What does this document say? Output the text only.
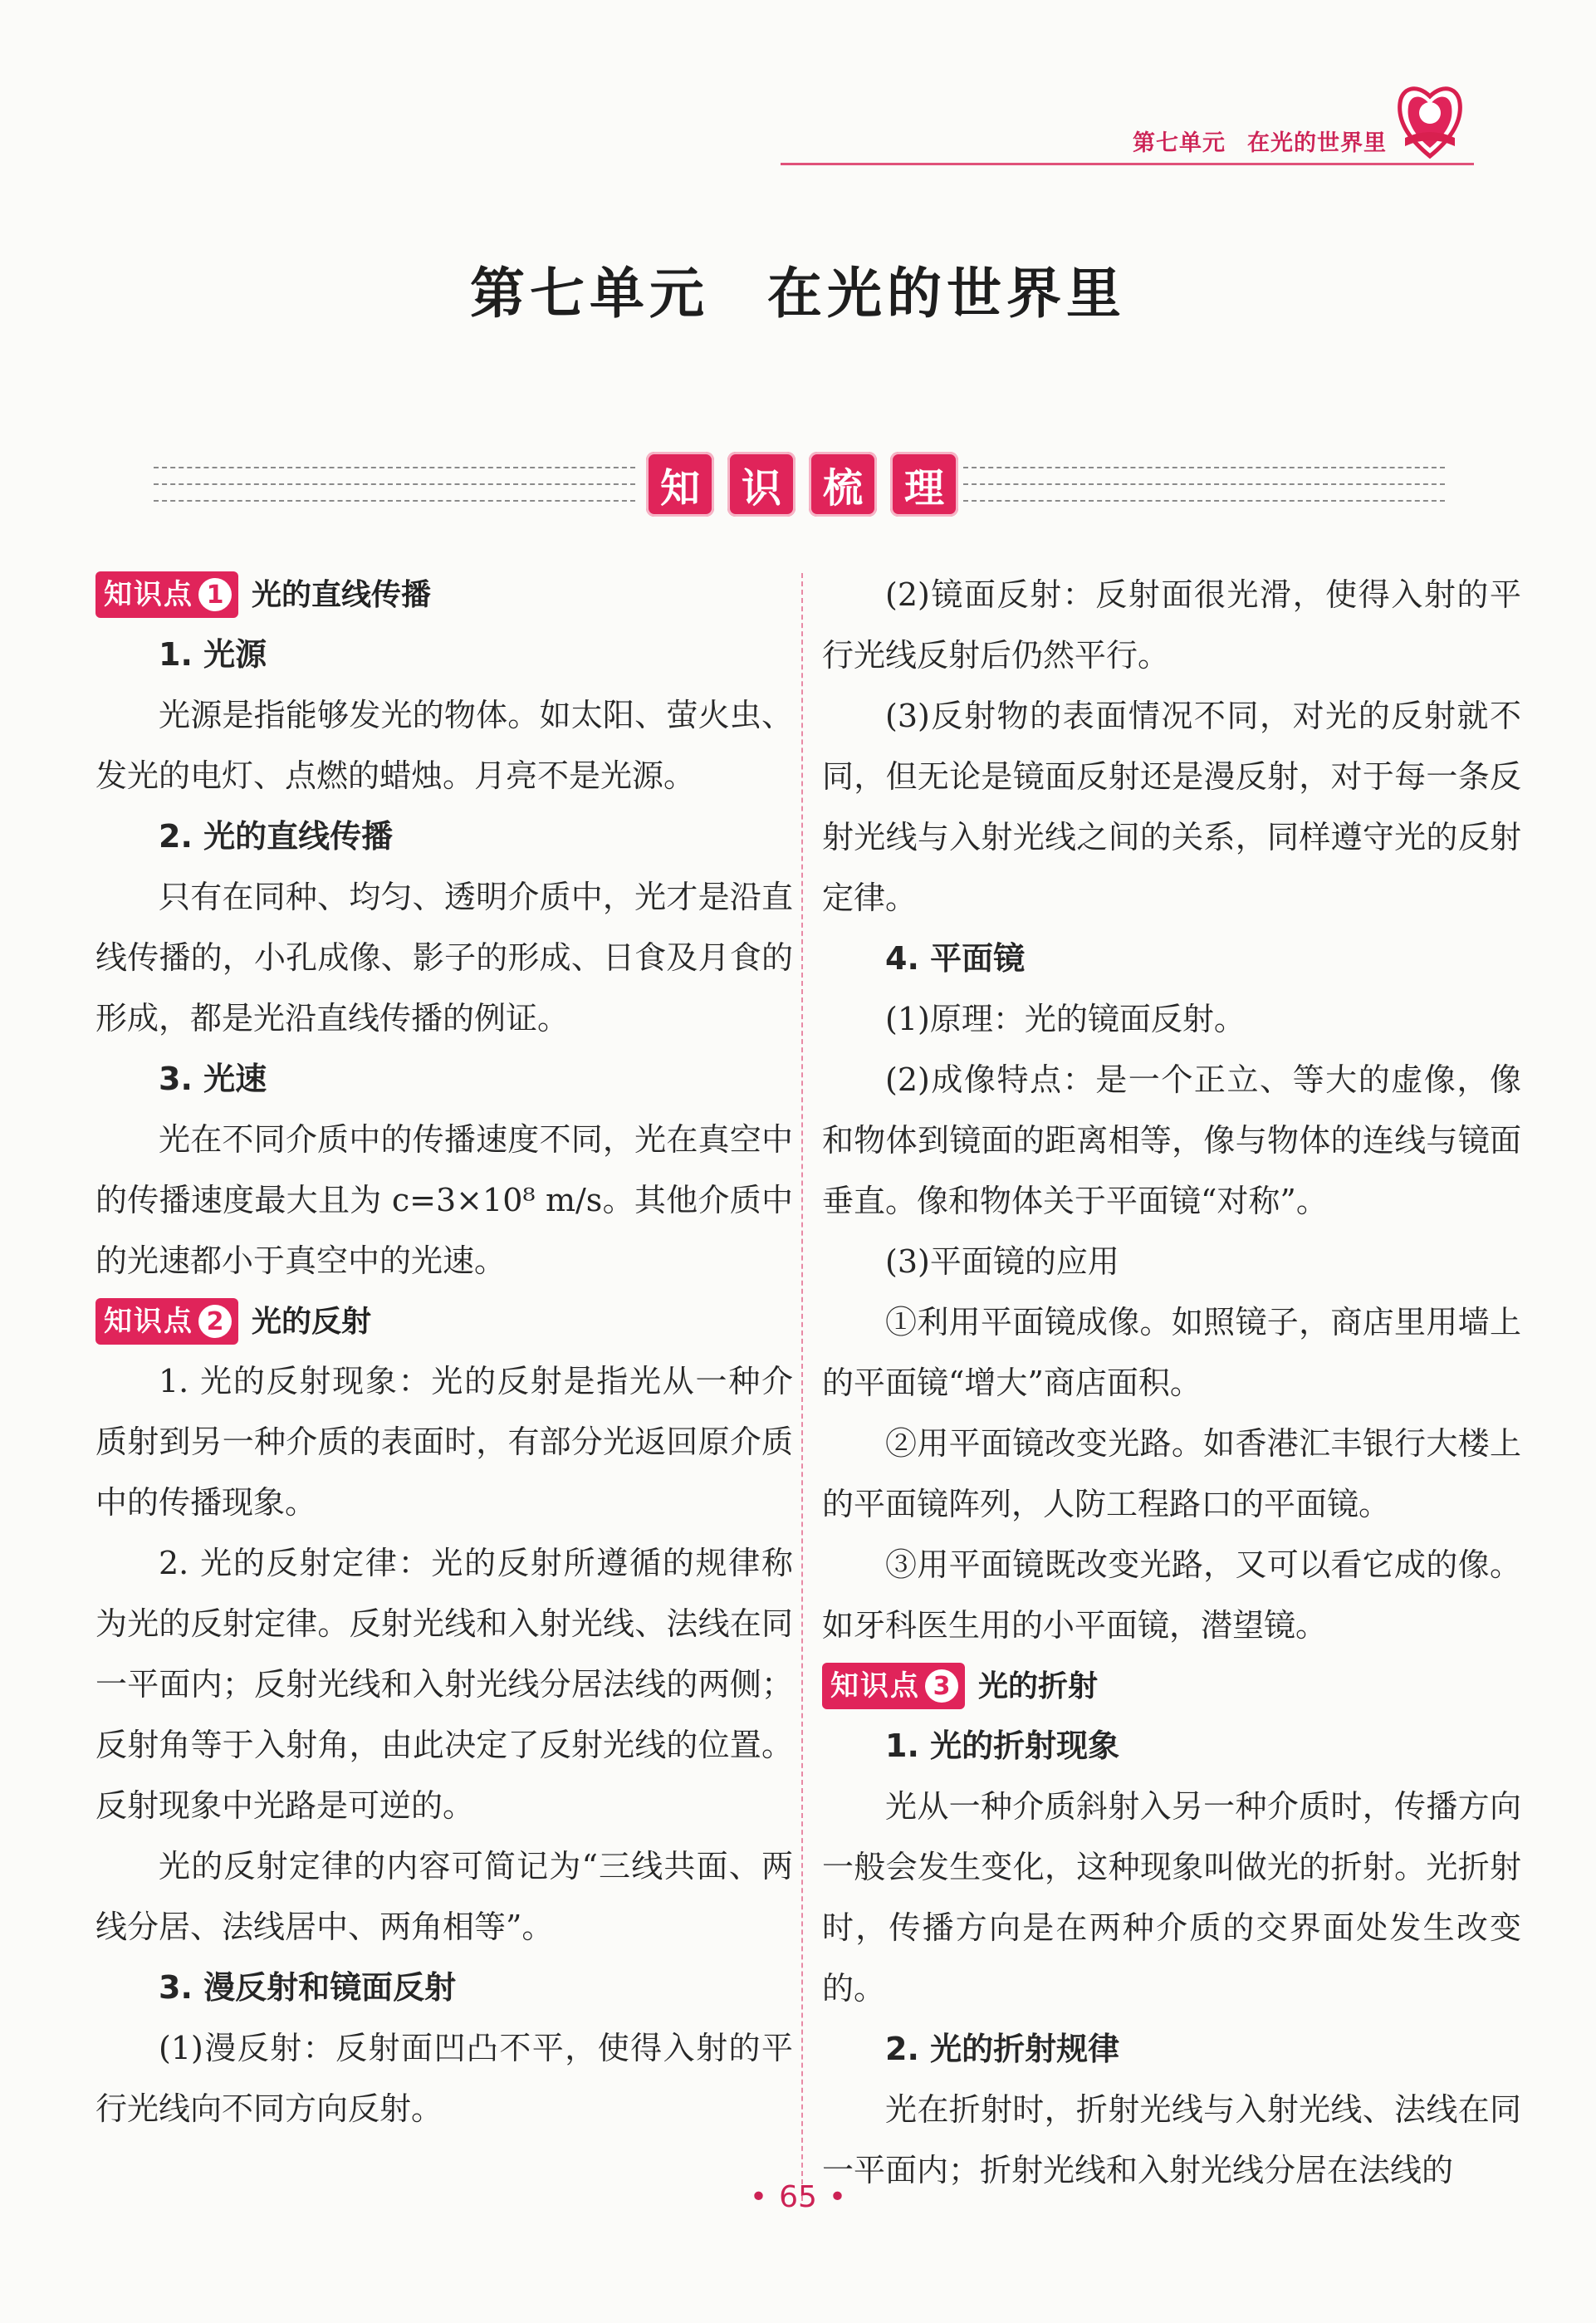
第七单元 在光的世界里
第七单元 在光的世界里
知	识	梳	理
知识点 1 光的直线传播

1. 光源

光源是指能够发光的物体。如太阳、萤火虫、发光的电灯、点燃的蜡烛。月亮不是光源。

2. 光的直线传播

只有在同种、均匀、透明介质中，光才是沿直线传播的，小孔成像、影子的形成、日食及月食的形成，都是光沿直线传播的例证。

3. 光速

光在不同介质中的传播速度不同，光在真空中的传播速度最大且为 c=3×10⁸ m/s。其他介质中的光速都小于真空中的光速。

知识点 2 光的反射

1. 光的反射现象：光的反射是指光从一种介质射到另一种介质的表面时，有部分光返回原介质中的传播现象。

2. 光的反射定律：光的反射所遵循的规律称为光的反射定律。反射光线和入射光线、法线在同一平面内；反射光线和入射光线分居法线的两侧；反射角等于入射角，由此决定了反射光线的位置。反射现象中光路是可逆的。

光的反射定律的内容可简记为“三线共面、两线分居、法线居中、两角相等”。

3. 漫反射和镜面反射

(1)漫反射：反射面凹凸不平，使得入射的平行光线向不同方向反射。

(2)镜面反射：反射面很光滑，使得入射的平行光线反射后仍然平行。

(3)反射物的表面情况不同，对光的反射就不同，但无论是镜面反射还是漫反射，对于每一条反射光线与入射光线之间的关系，同样遵守光的反射定律。

4. 平面镜

(1)原理：光的镜面反射。

(2)成像特点：是一个正立、等大的虚像，像和物体到镜面的距离相等，像与物体的连线与镜面垂直。像和物体关于平面镜“对称”。

(3)平面镜的应用

①利用平面镜成像。如照镜子，商店里用墙上的平面镜“增大”商店面积。

②用平面镜改变光路。如香港汇丰银行大楼上的平面镜阵列，人防工程路口的平面镜。

③用平面镜既改变光路，又可以看它成的像。如牙科医生用的小平面镜，潜望镜。

知识点 3 光的折射

1. 光的折射现象

光从一种介质斜射入另一种介质时，传播方向一般会发生变化，这种现象叫做光的折射。光折射时，传播方向是在两种介质的交界面处发生改变的。

2. 光的折射规律

光在折射时，折射光线与入射光线、法线在同一平面内；折射光线和入射光线分居在法线的

• 65 •
